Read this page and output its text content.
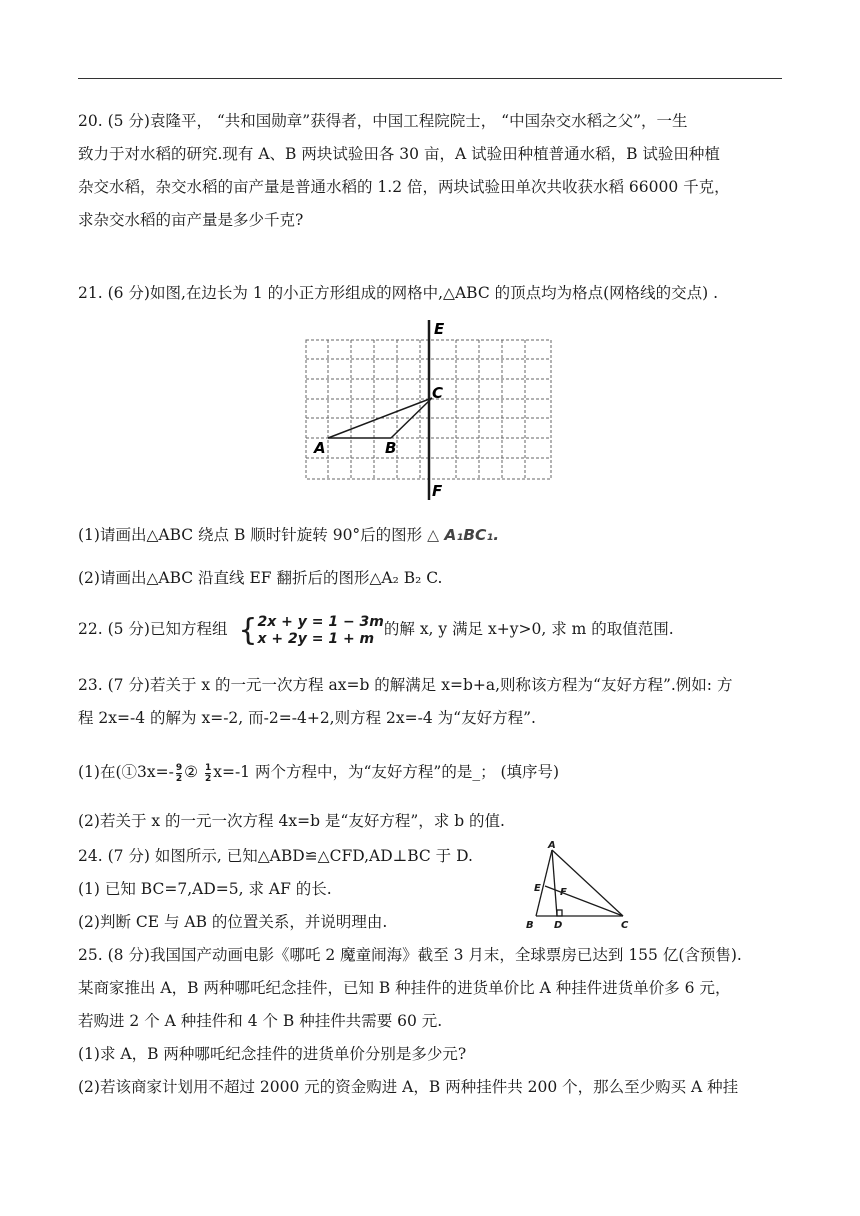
20. (5 分)袁隆平， “共和国勋章”获得者，中国工程院院士， “中国杂交水稻之父”，一生
致力于对水稻的研究.现有 A、B 两块试验田各 30 亩，A 试验田种植普通水稻，B 试验田种植
杂交水稻，杂交水稻的亩产量是普通水稻的 1.2 倍，两块试验田单次共收获水稻 66000 千克，
求杂交水稻的亩产量是多少千克?
21. (6 分)如图,在边长为 1 的小正方形组成的网格中,△ABC 的顶点均为格点(网格线的交点) .
E
C
A	B
F
(1)请画出△ABC 绕点 B 顺时针旋转 90°后的图形 △ A₁BC₁.
(2)请画出△ABC 沿直线 EF 翻折后的图形△A₂ B₂ C.
22. (5 分)已知方程组 { 2x + y = 1 − 3m
x + 2y = 1 + m
的解 x, y 满足 x+y>0, 求 m 的取值范围.
23. (7 分)若关于 x 的一元一次方程 ax=b 的解满足 x=b+a,则称该方程为“友好方程”.例如: 方
程 2x=-4 的解为 x=-2, 而-2=-4+2,则方程 2x=-4 为“友好方程”.
(1)在(①3x=- $\frac{9}{2}$ ② $\frac{1}{2} x=-1$ 两个方程中，为“友好方程”的是_； (填序号)
(2)若关于 x 的一元一次方程 4x=b 是“友好方程”，求 b 的值.
24. (7 分) 如图所示, 已知△ABD≌△CFD,AD⊥BC 于 D.
(1) 已知 BC=7,AD=5, 求 AF 的长.
(2)判断 CE 与 AB 的位置关系，并说明理由.
A
E F
B D	C
25. (8 分)我国国产动画电影《哪吒 2 魔童闹海》截至 3 月末，全球票房已达到 155 亿(含预售).
某商家推出 A，B 两种哪吒纪念挂件，已知 B 种挂件的进货单价比 A 种挂件进货单价多 6 元，
若购进 2 个 A 种挂件和 4 个 B 种挂件共需要 60 元.
(1)求 A，B 两种哪吒纪念挂件的进货单价分别是多少元?
(2)若该商家计划用不超过 2000 元的资金购进 A，B 两种挂件共 200 个，那么至少购买 A 种挂
